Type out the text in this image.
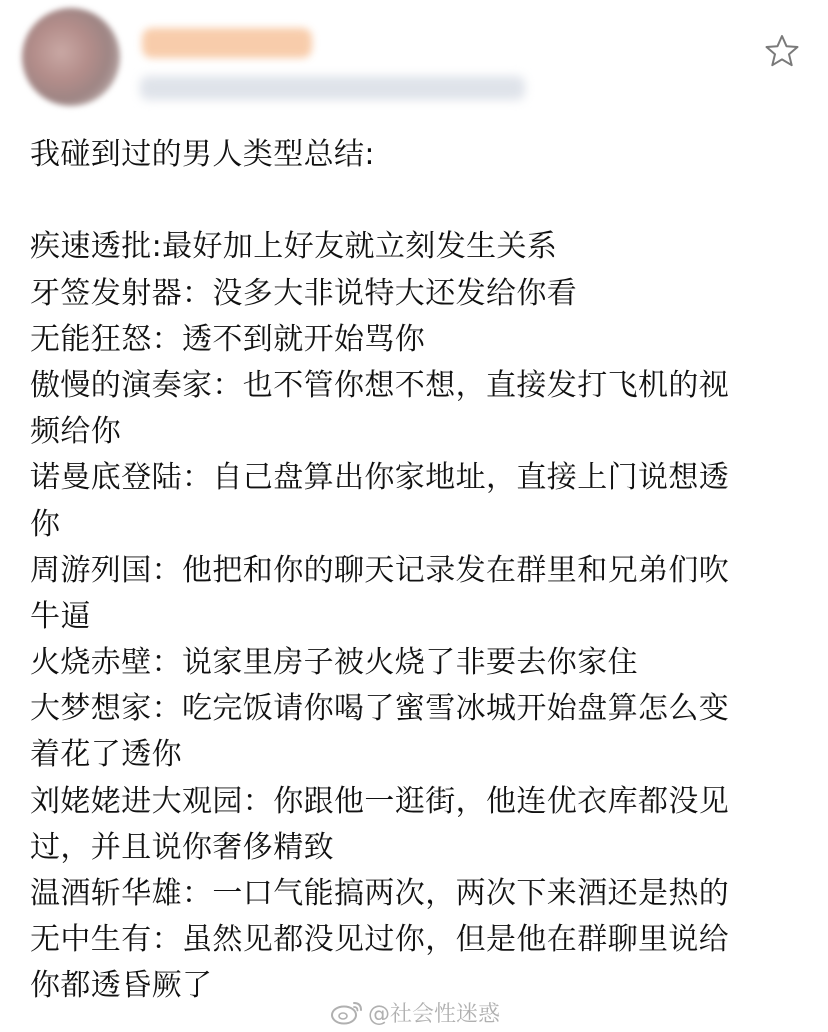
我碰到过的男人类型总结:
疾速透批:最好加上好友就立刻发生关系
牙签发射器：没多大非说特大还发给你看
无能狂怒：透不到就开始骂你
傲慢的演奏家：也不管你想不想，直接发打飞机的视
频给你
诺曼底登陆：自己盘算出你家地址，直接上门说想透
你
周游列国：他把和你的聊天记录发在群里和兄弟们吹
牛逼
火烧赤壁：说家里房子被火烧了非要去你家住
大梦想家：吃完饭请你喝了蜜雪冰城开始盘算怎么变
着花了透你
刘姥姥进大观园：你跟他一逛街，他连优衣库都没见
过，并且说你奢侈精致
温酒斩华雄：一口气能搞两次，两次下来酒还是热的
无中生有：虽然见都没见过你，但是他在群聊里说给
你都透昏厥了
@社会性迷惑
